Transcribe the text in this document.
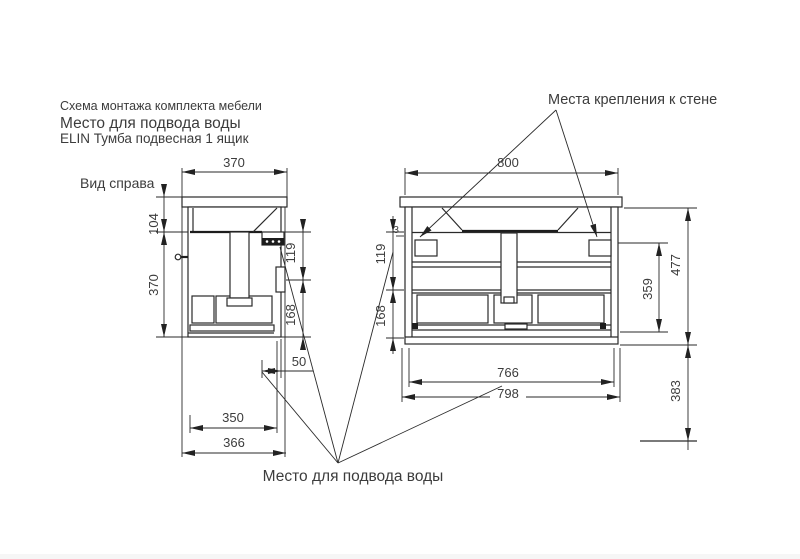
Схема монтажа комплекта мебели
Место для подвода воды
ELIN Тумба подвесная 1 ящик
Вид справа
Места крепления к стене
370
104
370
119
168
50
350
366
800
3
119
168
359
477
383
766
798
Место для подвода воды
